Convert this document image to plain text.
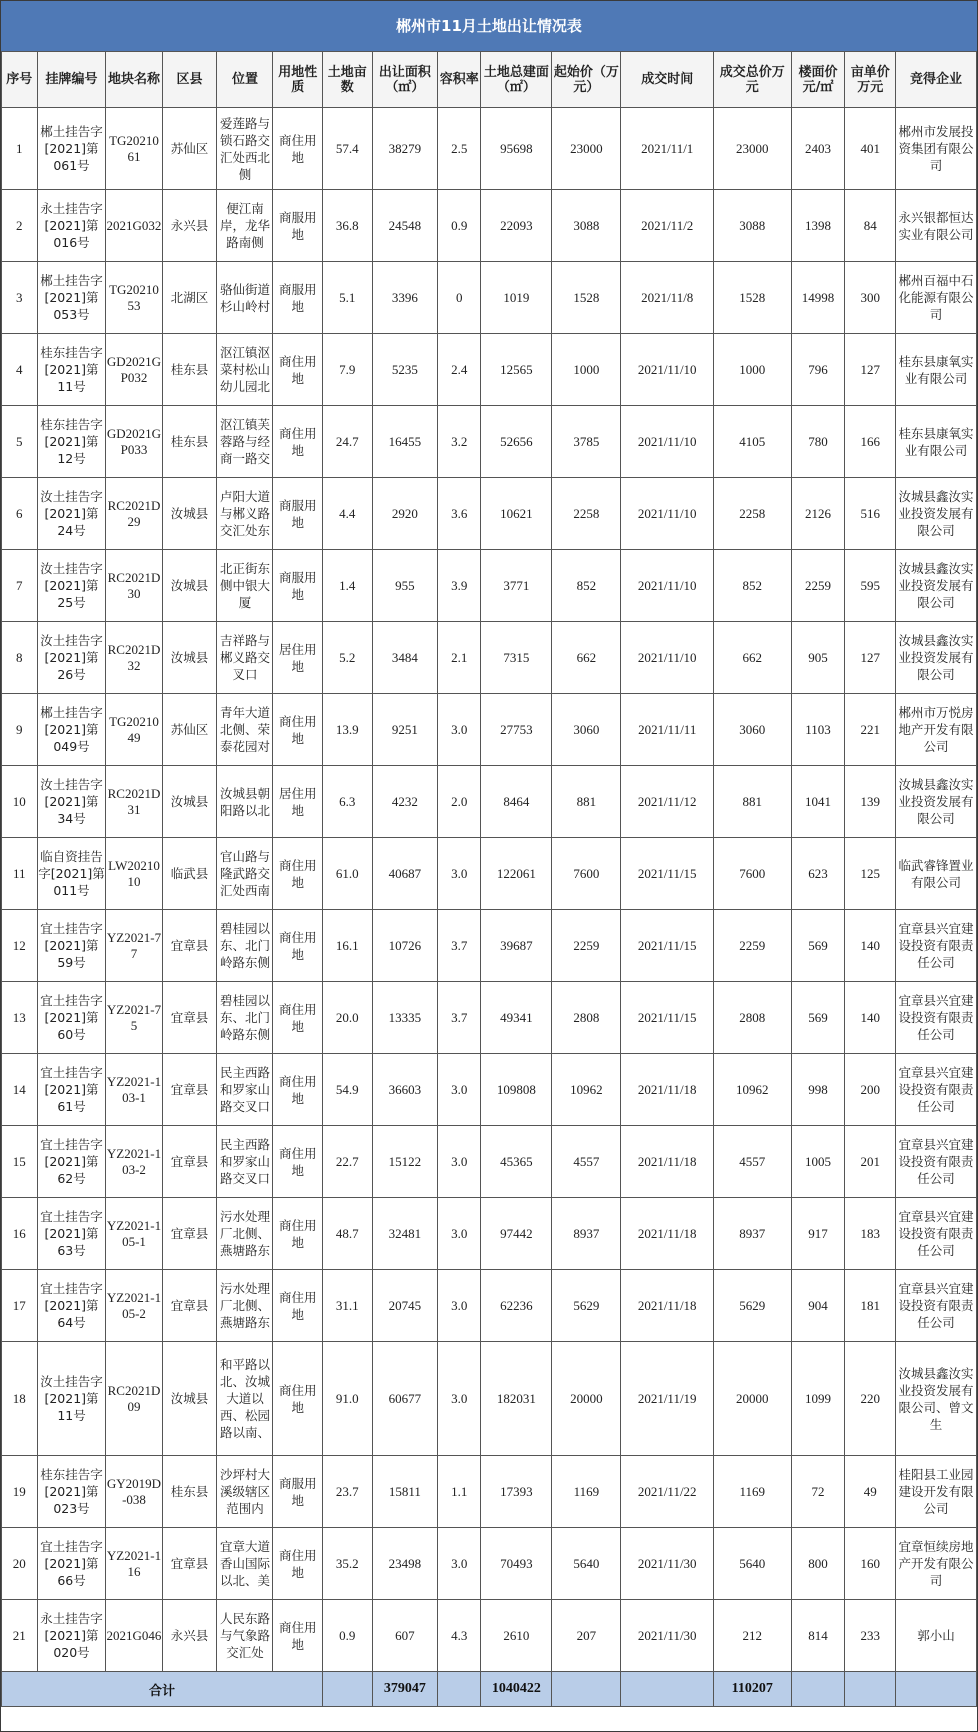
郴州市11月土地出让情况表
序号	挂牌编号	地块名称	区县	位置	用地性质	土地亩数	出让面积（㎡）	容积率	土地总建面（㎡）	起始价（万元）	成交时间	成交总价万元	楼面价元/㎡	亩单价万元	竞得企业

1	郴土挂告字[2021]第061号	TG2021061	苏仙区	爱莲路与锁石路交汇处西北侧	商住用地	57.4	38279	2.5	95698	23000	2021/11/1	23000	2403	401	郴州市发展投资集团有限公司

2	永土挂告字[2021]第016号	2021G032	永兴县	便江南岸，龙华路南侧	商服用地	36.8	24548	0.9	22093	3088	2021/11/2	3088	1398	84	永兴银都恒达实业有限公司

3	郴土挂告字[2021]第053号	TG2021053	北湖区	骆仙街道杉山岭村	商服用地	5.1	3396	0	1019	1528	2021/11/8	1528	14998	300	郴州百福中石化能源有限公司

4	桂东挂告字[2021]第11号	GD2021GP032	桂东县	沤江镇沤菜村松山幼儿园北	商住用地	7.9	5235	2.4	12565	1000	2021/11/10	1000	796	127	桂东县康氧实业有限公司

5	桂东挂告字[2021]第12号	GD2021GP033	桂东县	沤江镇芙蓉路与经商一路交	商住用地	24.7	16455	3.2	52656	3785	2021/11/10	4105	780	166	桂东县康氧实业有限公司

6	汝土挂告字[2021]第24号	RC2021D29	汝城县	卢阳大道与郴义路交汇处东	商服用地	4.4	2920	3.6	10621	2258	2021/11/10	2258	2126	516	汝城县鑫汝实业投资发展有限公司

7	汝土挂告字[2021]第25号	RC2021D30	汝城县	北正街东侧中银大厦	商服用地	1.4	955	3.9	3771	852	2021/11/10	852	2259	595	汝城县鑫汝实业投资发展有限公司

8	汝土挂告字[2021]第26号	RC2021D32	汝城县	吉祥路与郴义路交叉口	居住用地	5.2	3484	2.1	7315	662	2021/11/10	662	905	127	汝城县鑫汝实业投资发展有限公司

9	郴土挂告字[2021]第049号	TG2021049	苏仙区	青年大道北侧、荣泰花园对	商住用地	13.9	9251	3.0	27753	3060	2021/11/11	3060	1103	221	郴州市万悦房地产开发有限公司

10	汝土挂告字[2021]第34号	RC2021D31	汝城县	汝城县朝阳路以北	居住用地	6.3	4232	2.0	8464	881	2021/11/12	881	1041	139	汝城县鑫汝实业投资发展有限公司

11	临自资挂告字[2021]第011号	LW2021010	临武县	官山路与隆武路交汇处西南	商住用地	61.0	40687	3.0	122061	7600	2021/11/15	7600	623	125	临武睿锋置业有限公司

12	宜土挂告字[2021]第59号	YZ2021-77	宜章县	碧桂园以东、北门岭路东侧	商住用地	16.1	10726	3.7	39687	2259	2021/11/15	2259	569	140	宜章县兴宜建设投资有限责任公司

13	宜土挂告字[2021]第60号	YZ2021-75	宜章县	碧桂园以东、北门岭路东侧	商住用地	20.0	13335	3.7	49341	2808	2021/11/15	2808	569	140	宜章县兴宜建设投资有限责任公司

14	宜土挂告字[2021]第61号	YZ2021-103-1	宜章县	民主西路和罗家山路交叉口	商住用地	54.9	36603	3.0	109808	10962	2021/11/18	10962	998	200	宜章县兴宜建设投资有限责任公司

15	宜土挂告字[2021]第62号	YZ2021-103-2	宜章县	民主西路和罗家山路交叉口	商住用地	22.7	15122	3.0	45365	4557	2021/11/18	4557	1005	201	宜章县兴宜建设投资有限责任公司

16	宜土挂告字[2021]第63号	YZ2021-105-1	宜章县	污水处理厂北侧、燕塘路东	商住用地	48.7	32481	3.0	97442	8937	2021/11/18	8937	917	183	宜章县兴宜建设投资有限责任公司

17	宜土挂告字[2021]第64号	YZ2021-105-2	宜章县	污水处理厂北侧、燕塘路东	商住用地	31.1	20745	3.0	62236	5629	2021/11/18	5629	904	181	宜章县兴宜建设投资有限责任公司

18	汝土挂告字[2021]第11号	RC2021D09	汝城县	和平路以北、汝城大道以西、松园路以南、	商住用地	91.0	60677	3.0	182031	20000	2021/11/19	20000	1099	220	汝城县鑫汝实业投资发展有限公司、曾文生

19	桂东挂告字[2021]第023号	GY2019D-038	桂东县	沙坪村大溪级辖区范围内	商服用地	23.7	15811	1.1	17393	1169	2021/11/22	1169	72	49	桂阳县工业园建设开发有限公司

20	宜土挂告字[2021]第66号	YZ2021-116	宜章县	宜章大道香山国际以北、美	商住用地	35.2	23498	3.0	70493	5640	2021/11/30	5640	800	160	宜章恒续房地产开发有限公司

21	永土挂告字[2021]第020号	2021G046	永兴县	人民东路与气象路交汇处	商住用地	0.9	607	4.3	2610	207	2021/11/30	212	814	233	郭小山

合计							379047		1040422			110207			
